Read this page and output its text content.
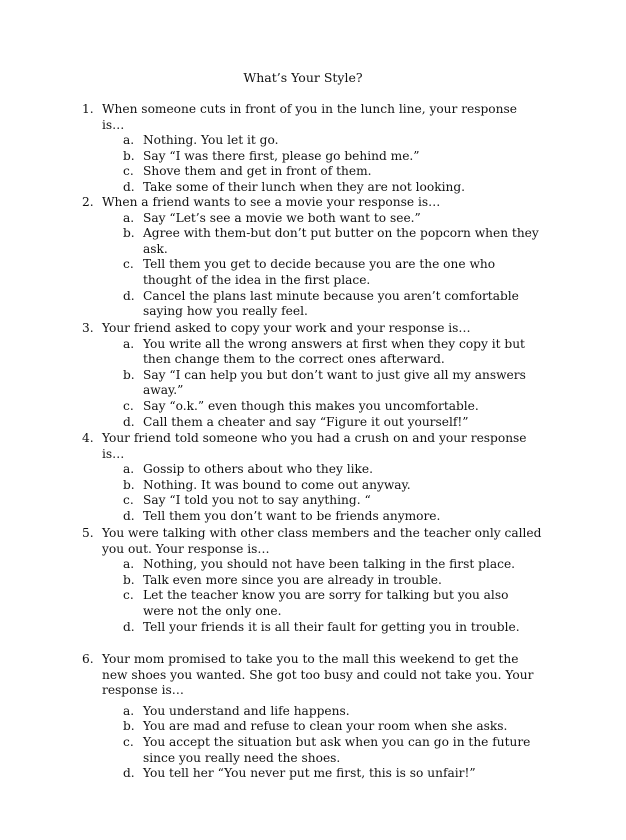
What’s Your Style?
1. When someone cuts in front of you in the lunch line, your response is…
a. Nothing. You let it go.
b. Say “I was there first, please go behind me.”
c. Shove them and get in front of them.
d. Take some of their lunch when they are not looking.
2. When a friend wants to see a movie your response is…
a. Say “Let’s see a movie we both want to see.”
b. Agree with them-but don’t put butter on the popcorn when they ask.
c. Tell them you get to decide because you are the one who thought of the idea in the first place.
d. Cancel the plans last minute because you aren’t comfortable saying how you really feel.
3. Your friend asked to copy your work and your response is…
a. You write all the wrong answers at first when they copy it but then change them to the correct ones afterward.
b. Say “I can help you but don’t want to just give all my answers away.”
c. Say “o.k.” even though this makes you uncomfortable.
d. Call them a cheater and say “Figure it out yourself!”
4. Your friend told someone who you had a crush on and your response is…
a. Gossip to others about who they like.
b. Nothing. It was bound to come out anyway.
c. Say “I told you not to say anything. “
d. Tell them you don’t want to be friends anymore.
5. You were talking with other class members and the teacher only called you out. Your response is…
a. Nothing, you should not have been talking in the first place.
b. Talk even more since you are already in trouble.
c. Let the teacher know you are sorry for talking but you also were not the only one.
d. Tell your friends it is all their fault for getting you in trouble.
6. Your mom promised to take you to the mall this weekend to get the new shoes you wanted. She got too busy and could not take you. Your response is…
a. You understand and life happens.
b. You are mad and refuse to clean your room when she asks.
c. You accept the situation but ask when you can go in the future since you really need the shoes.
d. You tell her “You never put me first, this is so unfair!”
